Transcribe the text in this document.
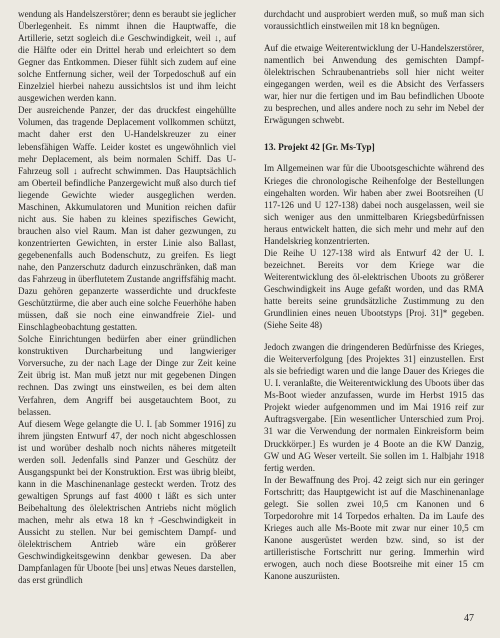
wendung als Handelszerstörer; denn es beraubt sie jeglicher Überlegenheit. Es nimmt ihnen die Hauptwaffe, die Artillerie, setzt sogleich di.e Geschwindigkeit, weil ↓, auf die Hälfte oder ein Drittel herab und erleichtert so dem Gegner das Entkommen. Dieser fühlt sich zudem auf eine solche Entfernung sicher, weil der Torpedoschuß auf ein Einzelziel hierbei nahezu aussichtslos ist und ihm leicht ausgewichen werden kann.

Der ausreichende Panzer, der das druckfest eingehüllte Volumen, das tragende Deplacement vollkommen schützt, macht daher erst den U-Handelskreuzer zu einer lebensfähigen Waffe. Leider kostet es ungewöhnlich viel mehr Deplacement, als beim normalen Schiff. Das U-Fahrzeug soll ↓ aufrecht schwimmen. Das Hauptsächlich am Oberteil befindliche Panzergewicht muß also durch tief liegende Gewichte wieder ausgeglichen werden. Maschinen, Akkumulatoren und Munition reichen dafür nicht aus. Sie haben zu kleines spezifisches Gewicht, brauchen also viel Raum. Man ist daher gezwungen, zu konzentrierten Gewichten, in erster Linie also Ballast, gegebenenfalls auch Bodenschutz, zu greifen. Es liegt nahe, den Panzerschutz dadurch einzuschränken, daß man das Fahrzeug in überflutetem Zustande angriffsfähig macht. Dazu gehören gepanzerte wasserdichte und druckfeste Geschütztürme, die aber auch eine solche Feuerhöhe haben müssen, daß sie noch eine einwandfreie Ziel- und Einschlagbeobachtung gestatten.

Solche Einrichtungen bedürfen aber einer gründlichen konstruktiven Durcharbeitung und langwieriger Vorversuche, zu der nach Lage der Dinge zur Zeit keine Zeit übrig ist. Man muß jetzt nur mit gegebenen Dingen rechnen. Das zwingt uns einstweilen, es bei dem alten Verfahren, dem Angriff bei ausgetauchtem Boot, zu belassen.

Auf diesem Wege gelangte die U. I. [ab Sommer 1916] zu ihrem jüngsten Entwurf 47, der noch nicht abgeschlossen ist und worüber deshalb noch nichts näheres mitgeteilt werden soll. Jedenfalls sind Panzer und Geschütz der Ausgangspunkt bei der Konstruktion. Erst was übrig bleibt, kann in die Maschinenanlage gesteckt werden. Trotz des gewaltigen Sprungs auf fast 4000 t läßt es sich unter Beibehaltung des ölelektrischen Antriebs nicht möglich machen, mehr als etwa 18 kn †-Geschwindigkeit in Aussicht zu stellen. Nur bei gemischtem Dampf- und ölelektrischem Antrieb wäre ein größerer Geschwindigkeitsgewinn denkbar gewesen. Da aber Dampfanlagen für Uboote [bei uns] etwas Neues darstellen, das erst gründlich

durchdacht und ausprobiert werden muß, so muß man sich voraussichtlich einstweilen mit 18 kn begnügen.

Auf die etwaige Weiterentwicklung der U-Handelszerstörer, namentlich bei Anwendung des gemischten Dampf-ölelektrischen Schraubenantriebs soll hier nicht weiter eingegangen werden, weil es die Absicht des Verfassers war, hier nur die fertigen und im Bau befindlichen Uboote zu besprechen, und alles andere noch zu sehr im Nebel der Erwägungen schwebt.

13. Projekt 42 [Gr. Ms-Typ]

Im Allgemeinen war für die Ubootsgeschichte während des Krieges die chronologische Reihenfolge der Bestellungen eingehalten worden. Wir haben aber zwei Bootsreihen (U 117-126 und U 127-138) dabei noch ausgelassen, weil sie sich weniger aus den unmittelbaren Kriegsbedürfnissen heraus entwickelt hatten, die sich mehr und mehr auf den Handelskrieg konzentrierten.

Die Reihe U 127-138 wird als Entwurf 42 der U. I. bezeichnet. Bereits vor dem Kriege war die Weiterentwicklung des öl-elektrischen Uboots zu größerer Geschwindigkeit ins Auge gefaßt worden, und das RMA hatte bereits seine grundsätzliche Zustimmung zu den Grundlinien eines neuen Ubootstyps [Proj. 31]* gegeben. (Siehe Seite 48)

Jedoch zwangen die dringenderen Bedürfnisse des Krieges, die Weiterverfolgung [des Projektes 31] einzustellen. Erst als sie befriedigt waren und die lange Dauer des Krieges die U. I. veranlaßte, die Weiterentwicklung des Uboots über das Ms-Boot wieder anzufassen, wurde im Herbst 1915 das Projekt wieder aufgenommen und im Mai 1916 reif zur Auftragsvergabe. [Ein wesentlicher Unterschied zum Proj. 31 war die Verwendung der normalen Einkreisform beim Druckkörper.] Es wurden je 4 Boote an die KW Danzig, GW und AG Weser verteilt. Sie sollen im 1. Halbjahr 1918 fertig werden.

In der Bewaffnung des Proj. 42 zeigt sich nur ein geringer Fortschritt; das Hauptgewicht ist auf die Maschinenanlage gelegt. Sie sollen zwei 10,5 cm Kanonen und 6 Torpedorohre mit 14 Torpedos erhalten. Da im Laufe des Krieges auch alle Ms-Boote mit zwar nur einer 10,5 cm Kanone ausgerüstet werden bzw. sind, so ist der artilleristische Fortschritt nur gering. Immerhin wird erwogen, auch noch diese Bootsreihe mit einer 15 cm Kanone auszurüsten.

47
